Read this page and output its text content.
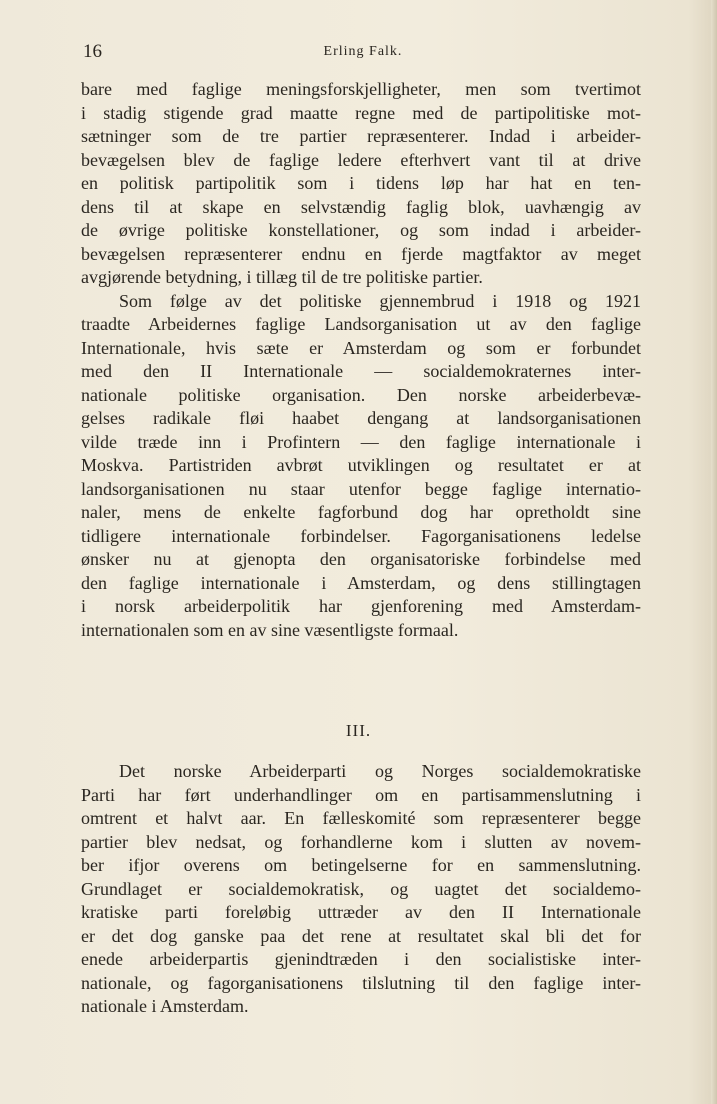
16	Erling Falk.
bare med faglige meningsforskjelligheter, men som tvertimot
i stadig stigende grad maatte regne med de partipolitiske mot-
sætninger som de tre partier repræsenterer. Indad i arbeider-
bevægelsen blev de faglige ledere efterhvert vant til at drive
en politisk partipolitik som i tidens løp har hat en ten-
dens til at skape en selvstændig faglig blok, uavhængig av
de øvrige politiske konstellationer, og som indad i arbeider-
bevægelsen repræsenterer endnu en fjerde magtfaktor av meget
avgjørende betydning, i tillæg til de tre politiske partier.
Som følge av det politiske gjennembrud i 1918 og 1921
traadte Arbeidernes faglige Landsorganisation ut av den faglige
Internationale, hvis sæte er Amsterdam og som er forbundet
med den II Internationale — socialdemokraternes inter-
nationale politiske organisation. Den norske arbeiderbevæ-
gelses radikale fløi haabet dengang at landsorganisationen
vilde træde inn i Profintern — den faglige internationale i
Moskva. Partistriden avbrøt utviklingen og resultatet er at
landsorganisationen nu staar utenfor begge faglige internatio-
naler, mens de enkelte fagforbund dog har opretholdt sine
tidligere internationale forbindelser. Fagorganisationens ledelse
ønsker nu at gjenopta den organisatoriske forbindelse med
den faglige internationale i Amsterdam, og dens stillingtagen
i norsk arbeiderpolitik har gjenforening med Amsterdam-
internationalen som en av sine væsentligste formaal.
III.
Det norske Arbeiderparti og Norges socialdemokratiske
Parti har ført underhandlinger om en partisammenslutning i
omtrent et halvt aar. En fælleskomité som repræsenterer begge
partier blev nedsat, og forhandlerne kom i slutten av novem-
ber ifjor overens om betingelserne for en sammenslutning.
Grundlaget er socialdemokratisk, og uagtet det socialdemo-
kratiske parti foreløbig uttræder av den II Internationale
er det dog ganske paa det rene at resultatet skal bli det for
enede arbeiderpartis gjenindtræden i den socialistiske inter-
nationale, og fagorganisationens tilslutning til den faglige inter-
nationale i Amsterdam.
